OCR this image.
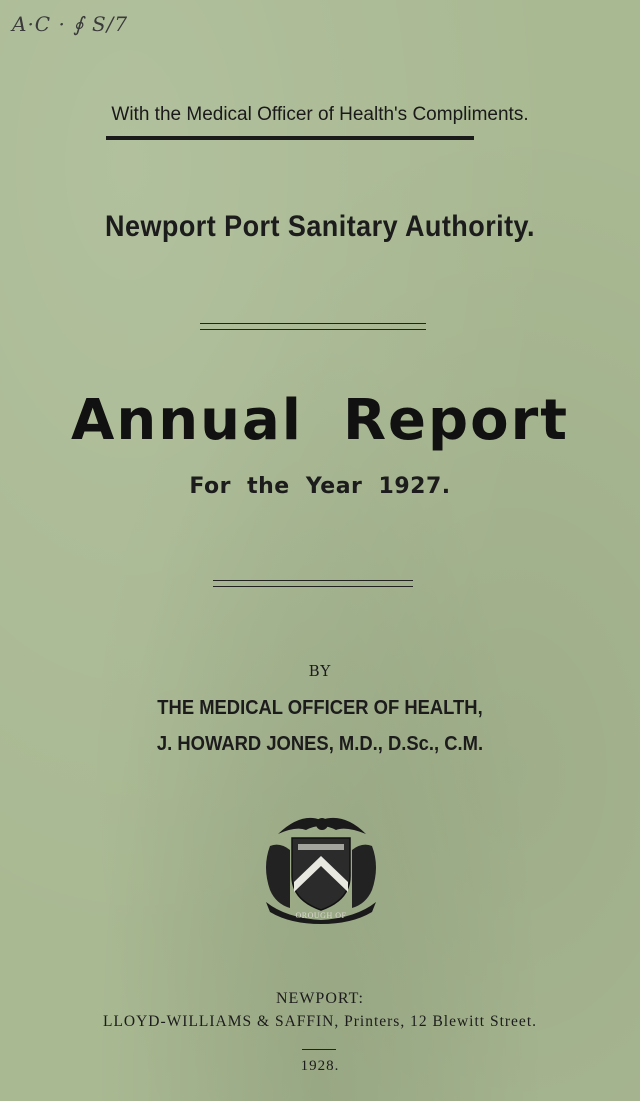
A·C · ∮ S/7
With the Medical Officer of Health's Compliments.
Newport Port Sanitary Authority.
Annual Report
For the Year 1927.
BY
THE MEDICAL OFFICER OF HEALTH,
J. HOWARD JONES, M.D., D.Sc., C.M.
OROUGH OF
NEWPORT:
LLOYD-WILLIAMS & SAFFIN, Printers, 12 Blewitt Street.
1928.
